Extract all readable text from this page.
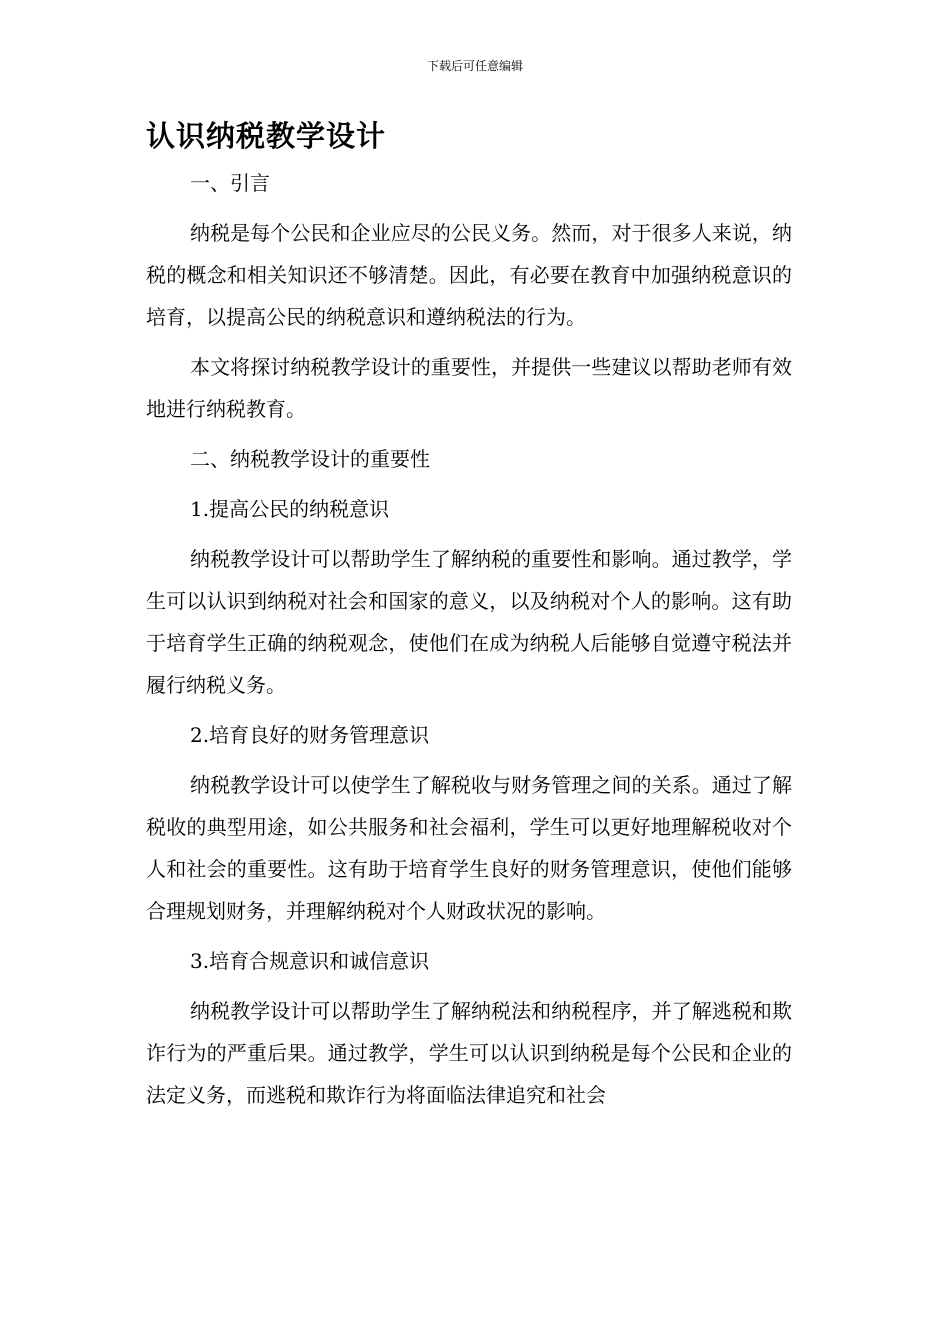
下载后可任意编辑
认识纳税教学设计

一、引言

纳税是每个公民和企业应尽的公民义务。然而，对于很多人来说，纳税的概念和相关知识还不够清楚。因此，有必要在教育中加强纳税意识的培育，以提高公民的纳税意识和遵纳税法的行为。

本文将探讨纳税教学设计的重要性，并提供一些建议以帮助老师有效地进行纳税教育。

二、纳税教学设计的重要性

1.提高公民的纳税意识

纳税教学设计可以帮助学生了解纳税的重要性和影响。通过教学，学生可以认识到纳税对社会和国家的意义，以及纳税对个人的影响。这有助于培育学生正确的纳税观念，使他们在成为纳税人后能够自觉遵守税法并履行纳税义务。

2.培育良好的财务管理意识

纳税教学设计可以使学生了解税收与财务管理之间的关系。通过了解税收的典型用途，如公共服务和社会福利，学生可以更好地理解税收对个人和社会的重要性。这有助于培育学生良好的财务管理意识，使他们能够合理规划财务，并理解纳税对个人财政状况的影响。

3.培育合规意识和诚信意识

纳税教学设计可以帮助学生了解纳税法和纳税程序，并了解逃税和欺诈行为的严重后果。通过教学，学生可以认识到纳税是每个公民和企业的法定义务，而逃税和欺诈行为将面临法律追究和社会
